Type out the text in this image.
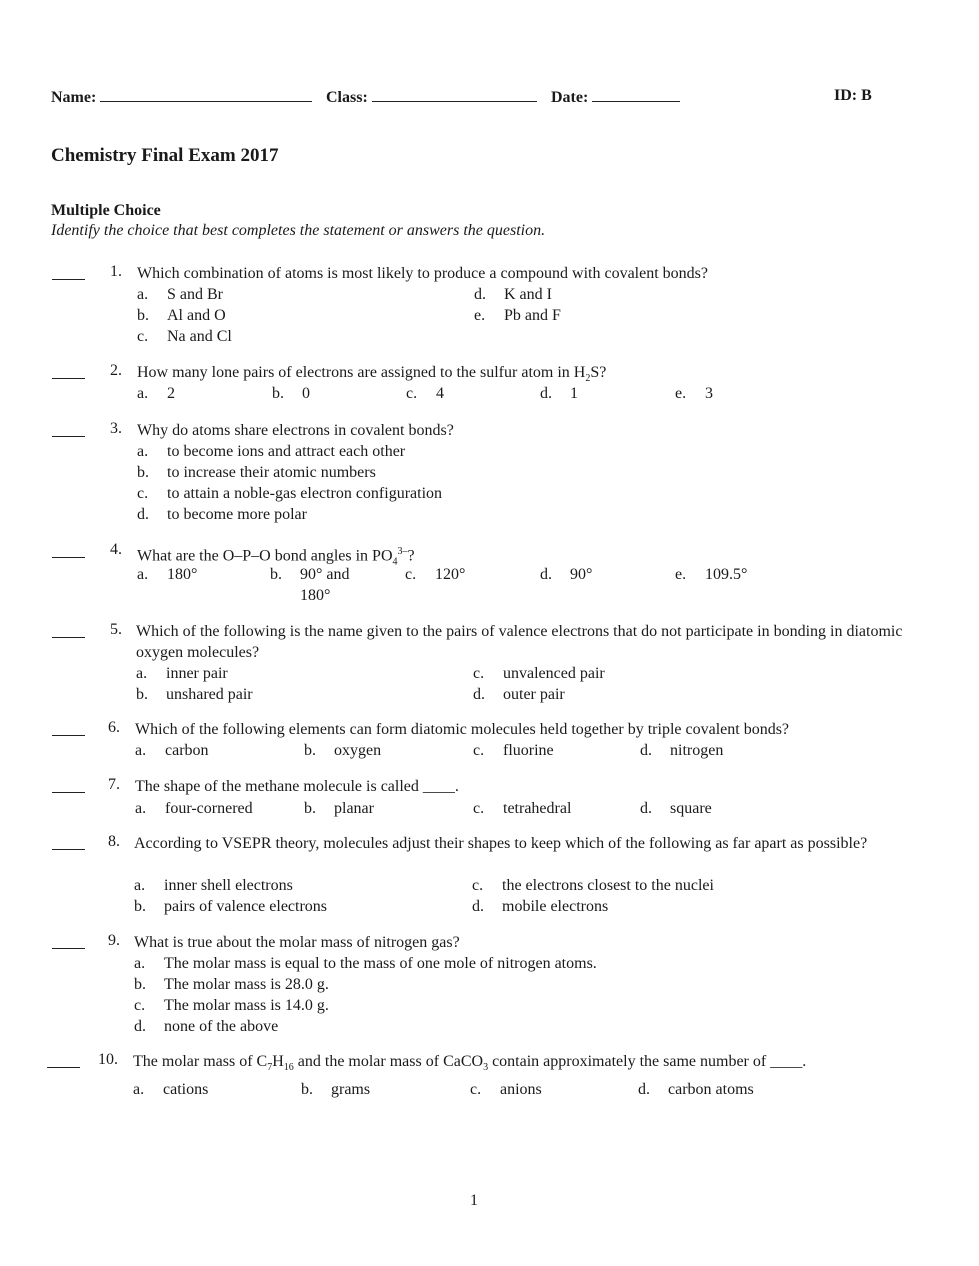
Name:	Class:	Date:	ID: B
Chemistry Final Exam 2017
Multiple Choice
Identify the choice that best completes the statement or answers the question.
1. Which combination of atoms is most likely to produce a compound with covalent bonds?
a. S and Br
b. Al and O
c. Na and Cl
d. K and I
e. Pb and F
2. How many lone pairs of electrons are assigned to the sulfur atom in $H_2S$?
a. 2	b. 0	c. 4	d. 1	e. 3
3. Why do atoms share electrons in covalent bonds?
a. to become ions and attract each other
b. to increase their atomic numbers
c. to attain a noble-gas electron configuration
d. to become more polar
4. What are the O–P–O bond angles in $PO_4^{3-}$?
a. 180°	b. 90° and
180°
c. 120°	d. 90°	e. 109.5°
5. Which of the following is the name given to the pairs of valence electrons that do not participate in bonding in diatomic oxygen molecules?
a. inner pair
b. unshared pair
c. unvalenced pair
d. outer pair
6. Which of the following elements can form diatomic molecules held together by triple covalent bonds?
a. carbon	b. oxygen	c. fluorine	d. nitrogen
7. The shape of the methane molecule is called ____.
a. four-cornered	b. planar	c. tetrahedral	d. square
8. According to VSEPR theory, molecules adjust their shapes to keep which of the following as far apart as possible?
a. inner shell electrons
b. pairs of valence electrons
c. the electrons closest to the nuclei
d. mobile electrons
9. What is true about the molar mass of nitrogen gas?
a. The molar mass is equal to the mass of one mole of nitrogen atoms.
b. The molar mass is 28.0 g.
c. The molar mass is 14.0 g.
d. none of the above
10. The molar mass of $C_7H_{16}$ and the molar mass of CaCO$_3$ contain approximately the same number of ____.
a. cations	b. grams	c. anions	d. carbon atoms
1
